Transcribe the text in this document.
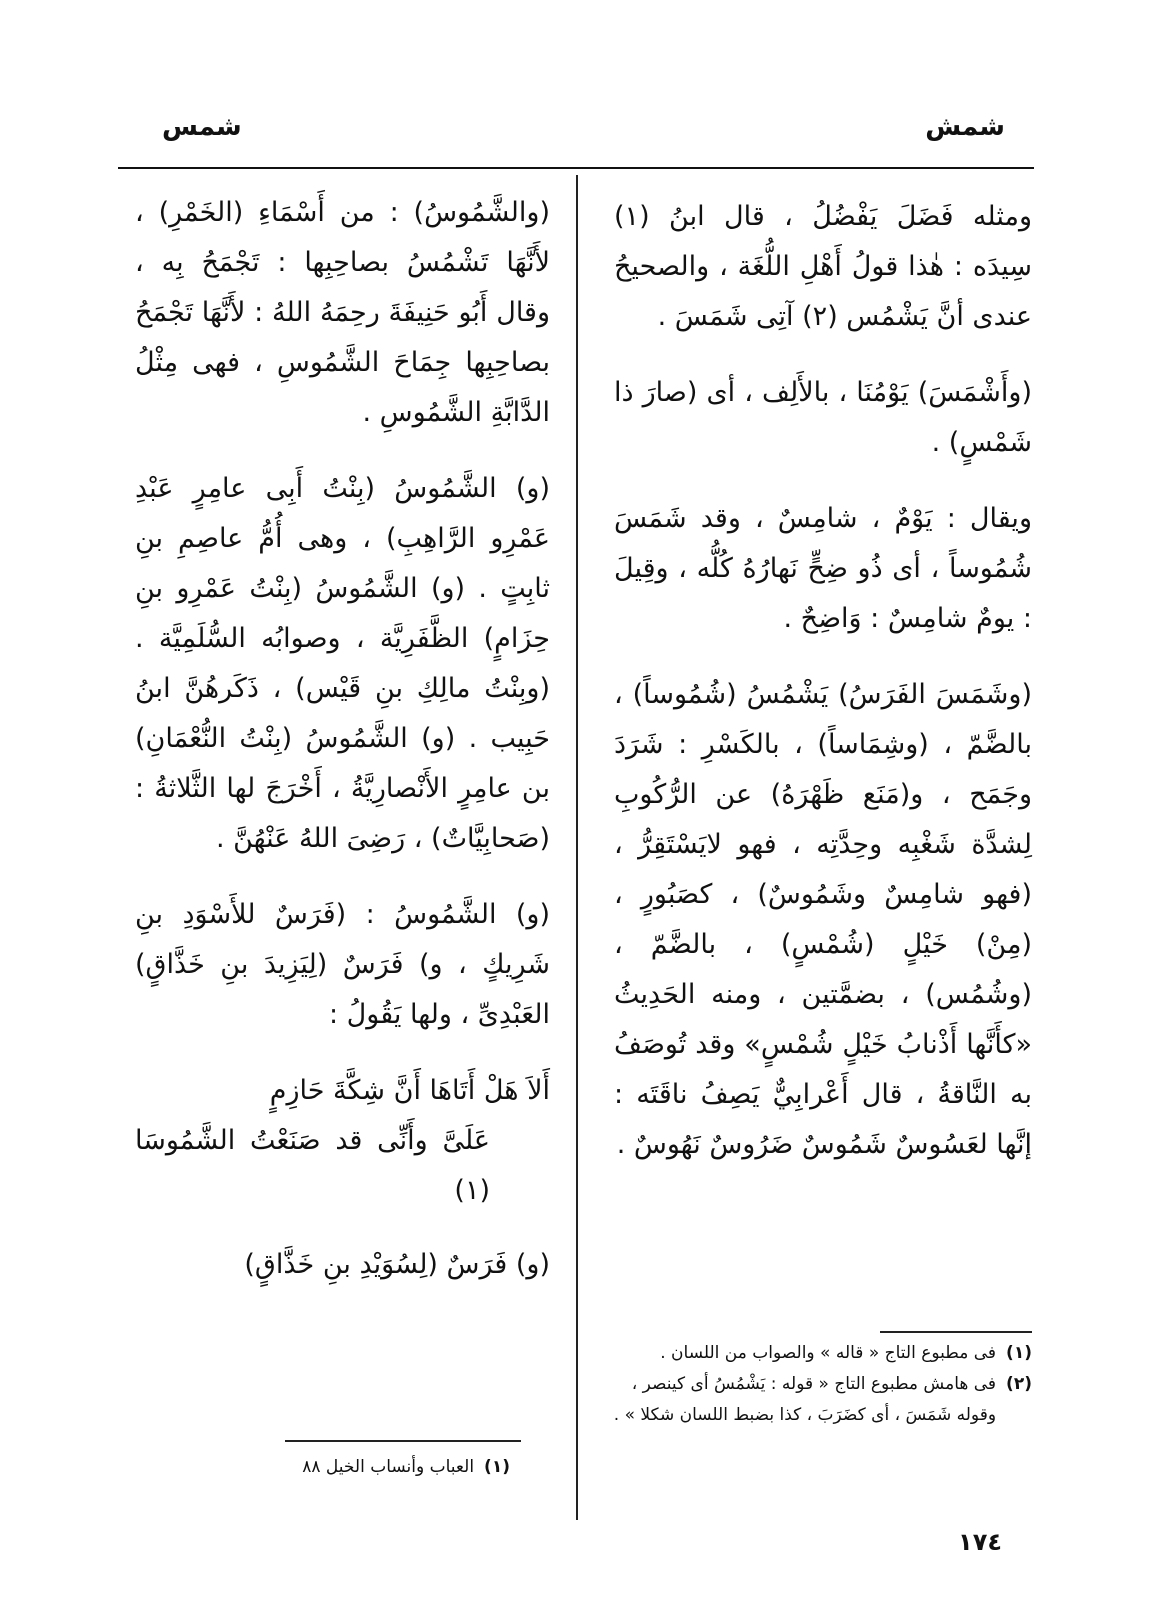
شمش
شمس

ومثله فَضَلَ يَفْضُلُ ، قال ابنُ (١) سِيدَه : هٰذا قولُ أَهْلِ اللُّغَة ، والصحيحُ عندى أنَّ يَشْمُس (٢) آتِى شَمَسَ .

(وأَشْمَسَ) يَوْمُنَا ، بالأَلِف ، أى (صارَ ذا شَمْسٍ) .

ويقال : يَوْمٌ ، شامِسٌ ، وقد شَمَسَ شُمُوساً ، أى ذُو ضِحٍّ نَهارُهُ كُلُّه ، وقِيلَ : يومٌ شامِسٌ : وَاضِحٌ .

(وشَمَسَ الفَرَسُ) يَشْمُسُ (شُمُوساً) ، بالضَّمّ ، (وشِمَاساً) ، بالكَسْرِ : شَرَدَ وجَمَح ، و(مَنَع ظَهْرَهُ) عن الرُّكُوبِ لِشدَّة شَغْبِه وحِدَّتِه ، فهو لايَسْتَقِرُّ ، (فهو شامِسٌ وشَمُوسٌ) ، كصَبُورٍ ، (مِنْ) خَيْلٍ (شُمْسٍ) ، بالضَّمّ ، (وشُمُس) ، بضمَّتين ، ومنه الحَدِيثُ «كأَنَّها أَذْنابُ خَيْلٍ شُمْسٍ» وقد تُوصَفُ به النَّاقةُ ، قال أَعْرابِيٌّ يَصِفُ ناقَتَه : إنَّها لعَسُوسٌ شَمُوسٌ ضَرُوسٌ نَهُوسٌ .

(والشَّمُوسُ) : من أَسْمَاءِ (الخَمْرِ) ، لأَنَّهَا تَشْمُسُ بصاحِبِها : تَجْمَحُ بِه ، وقال أَبُو حَنِيفَةَ رحِمَهُ اللهُ : لأَنَّهَا تَجْمَحُ بصاحِبِها جِمَاحَ الشَّمُوسِ ، فهى مِثْلُ الدَّابَّةِ الشَّمُوسِ .

(و) الشَّمُوسُ (بِنْتُ أَبِى عامِرٍ عَبْدِ عَمْرِو الرَّاهِبِ) ، وهى أُمُّ عاصِمِ بنِ ثابِتٍ . (و) الشَّمُوسُ (بِنْتُ عَمْرِو بنِ حِزَامٍ) الظَّفَرِيَّة ، وصوابُه السُّلَمِيَّة . (وبِنْتُ مالِكِ بنِ قَيْس) ، ذَكَرهُنَّ ابنُ حَبِيب . (و) الشَّمُوسُ (بِنْتُ النُّعْمَانِ) بن عامِرٍ الأَنْصارِيَّةُ ، أَخْرَجَ لها الثَّلاثةُ : (صَحابِيَّاتٌ) ، رَضِىَ اللهُ عَنْهُنَّ .

(و) الشَّمُوسُ : (فَرَسٌ للأَسْوَدِ بنِ شَرِيكٍ ، و) فَرَسٌ (لِيَزِيدَ بنِ خَذَّاقٍ) العَبْدِىِّ ، ولها يَقُولُ :

أَلاَ هَلْ أَتَاهَا أَنَّ شِكَّةَ حَازِمٍ
عَلَىَّ وأَنِّى قد صَنَعْتُ الشَّمُوسَا (١)

(و) فَرَسٌ (لِسُوَيْدِ بنِ خَذَّاقٍ)

(١)
فى مطبوع التاج « قاله » والصواب من اللسان .
(٢)
فى هامش مطبوع التاج « قوله : يَشْمُسُ أى كينصر ، وقوله شَمَسَ ، أى كضَرَبَ ، كذا بضبط اللسان شكلا » .
(١)
العباب وأنساب الخيل ٨٨
١٧٤
